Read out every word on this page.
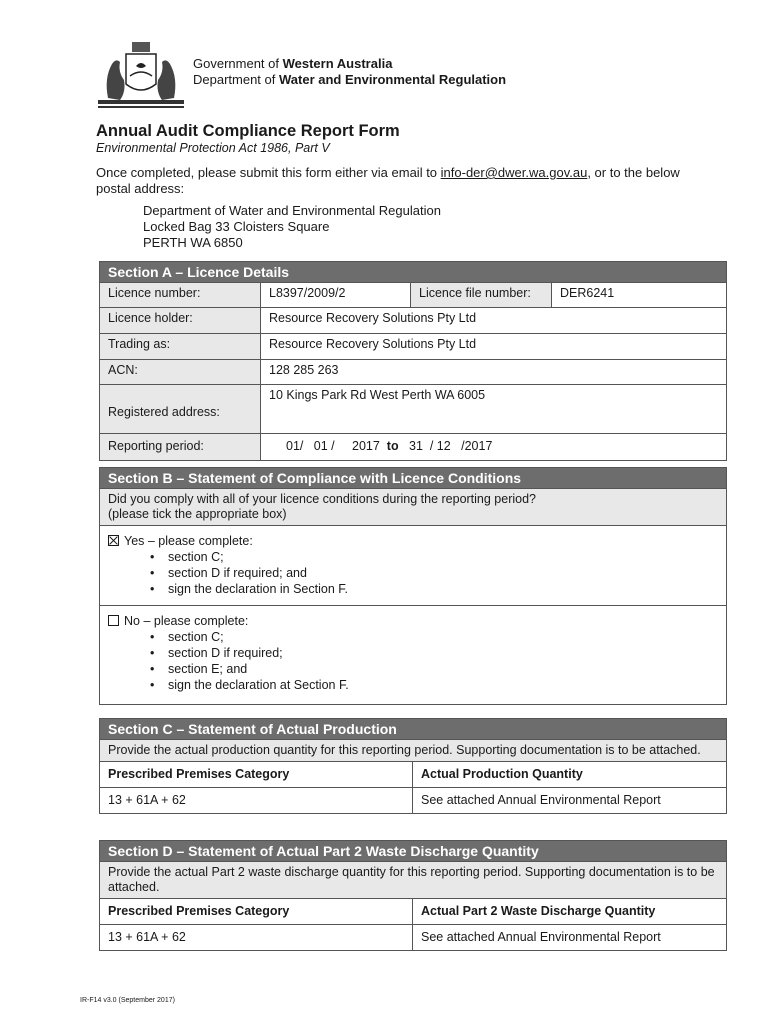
Government of Western Australia
Department of Water and Environmental Regulation
Annual Audit Compliance Report Form
Environmental Protection Act 1986, Part V
Once completed, please submit this form either via email to info-der@dwer.wa.gov.au, or to the below postal address:
Department of Water and Environmental Regulation
Locked Bag 33 Cloisters Square
PERTH WA 6850
Section A – Licence Details
Licence number:	L8397/2009/2	Licence file number:	DER6241
Licence holder:	Resource Recovery Solutions Pty Ltd
Trading as:	Resource Recovery Solutions Pty Ltd
ACN:	128 285 263
Registered address:
10 Kings Park Rd West Perth WA 6005
Reporting period:	01/   01 /     2017 to 31  / 12   /2017
Section B – Statement of Compliance with Licence Conditions
Did you comply with all of your licence conditions during the reporting period?
(please tick the appropriate box)
Yes – please complete:
• section C;
• section D if required; and
• sign the declaration in Section F.
No – please complete:
• section C;
• section D if required;
• section E; and
• sign the declaration at Section F.
Section C – Statement of Actual Production
Provide the actual production quantity for this reporting period. Supporting documentation is to be attached.
Prescribed Premises Category	Actual Production Quantity
13 + 61A + 62	See attached Annual Environmental Report
Section D – Statement of Actual Part 2 Waste Discharge Quantity
Provide the actual Part 2 waste discharge quantity for this reporting period. Supporting documentation is to be attached.
Prescribed Premises Category	Actual Part 2 Waste Discharge Quantity
13 + 61A + 62	See attached Annual Environmental Report
IR-F14 v3.0 (September 2017)
